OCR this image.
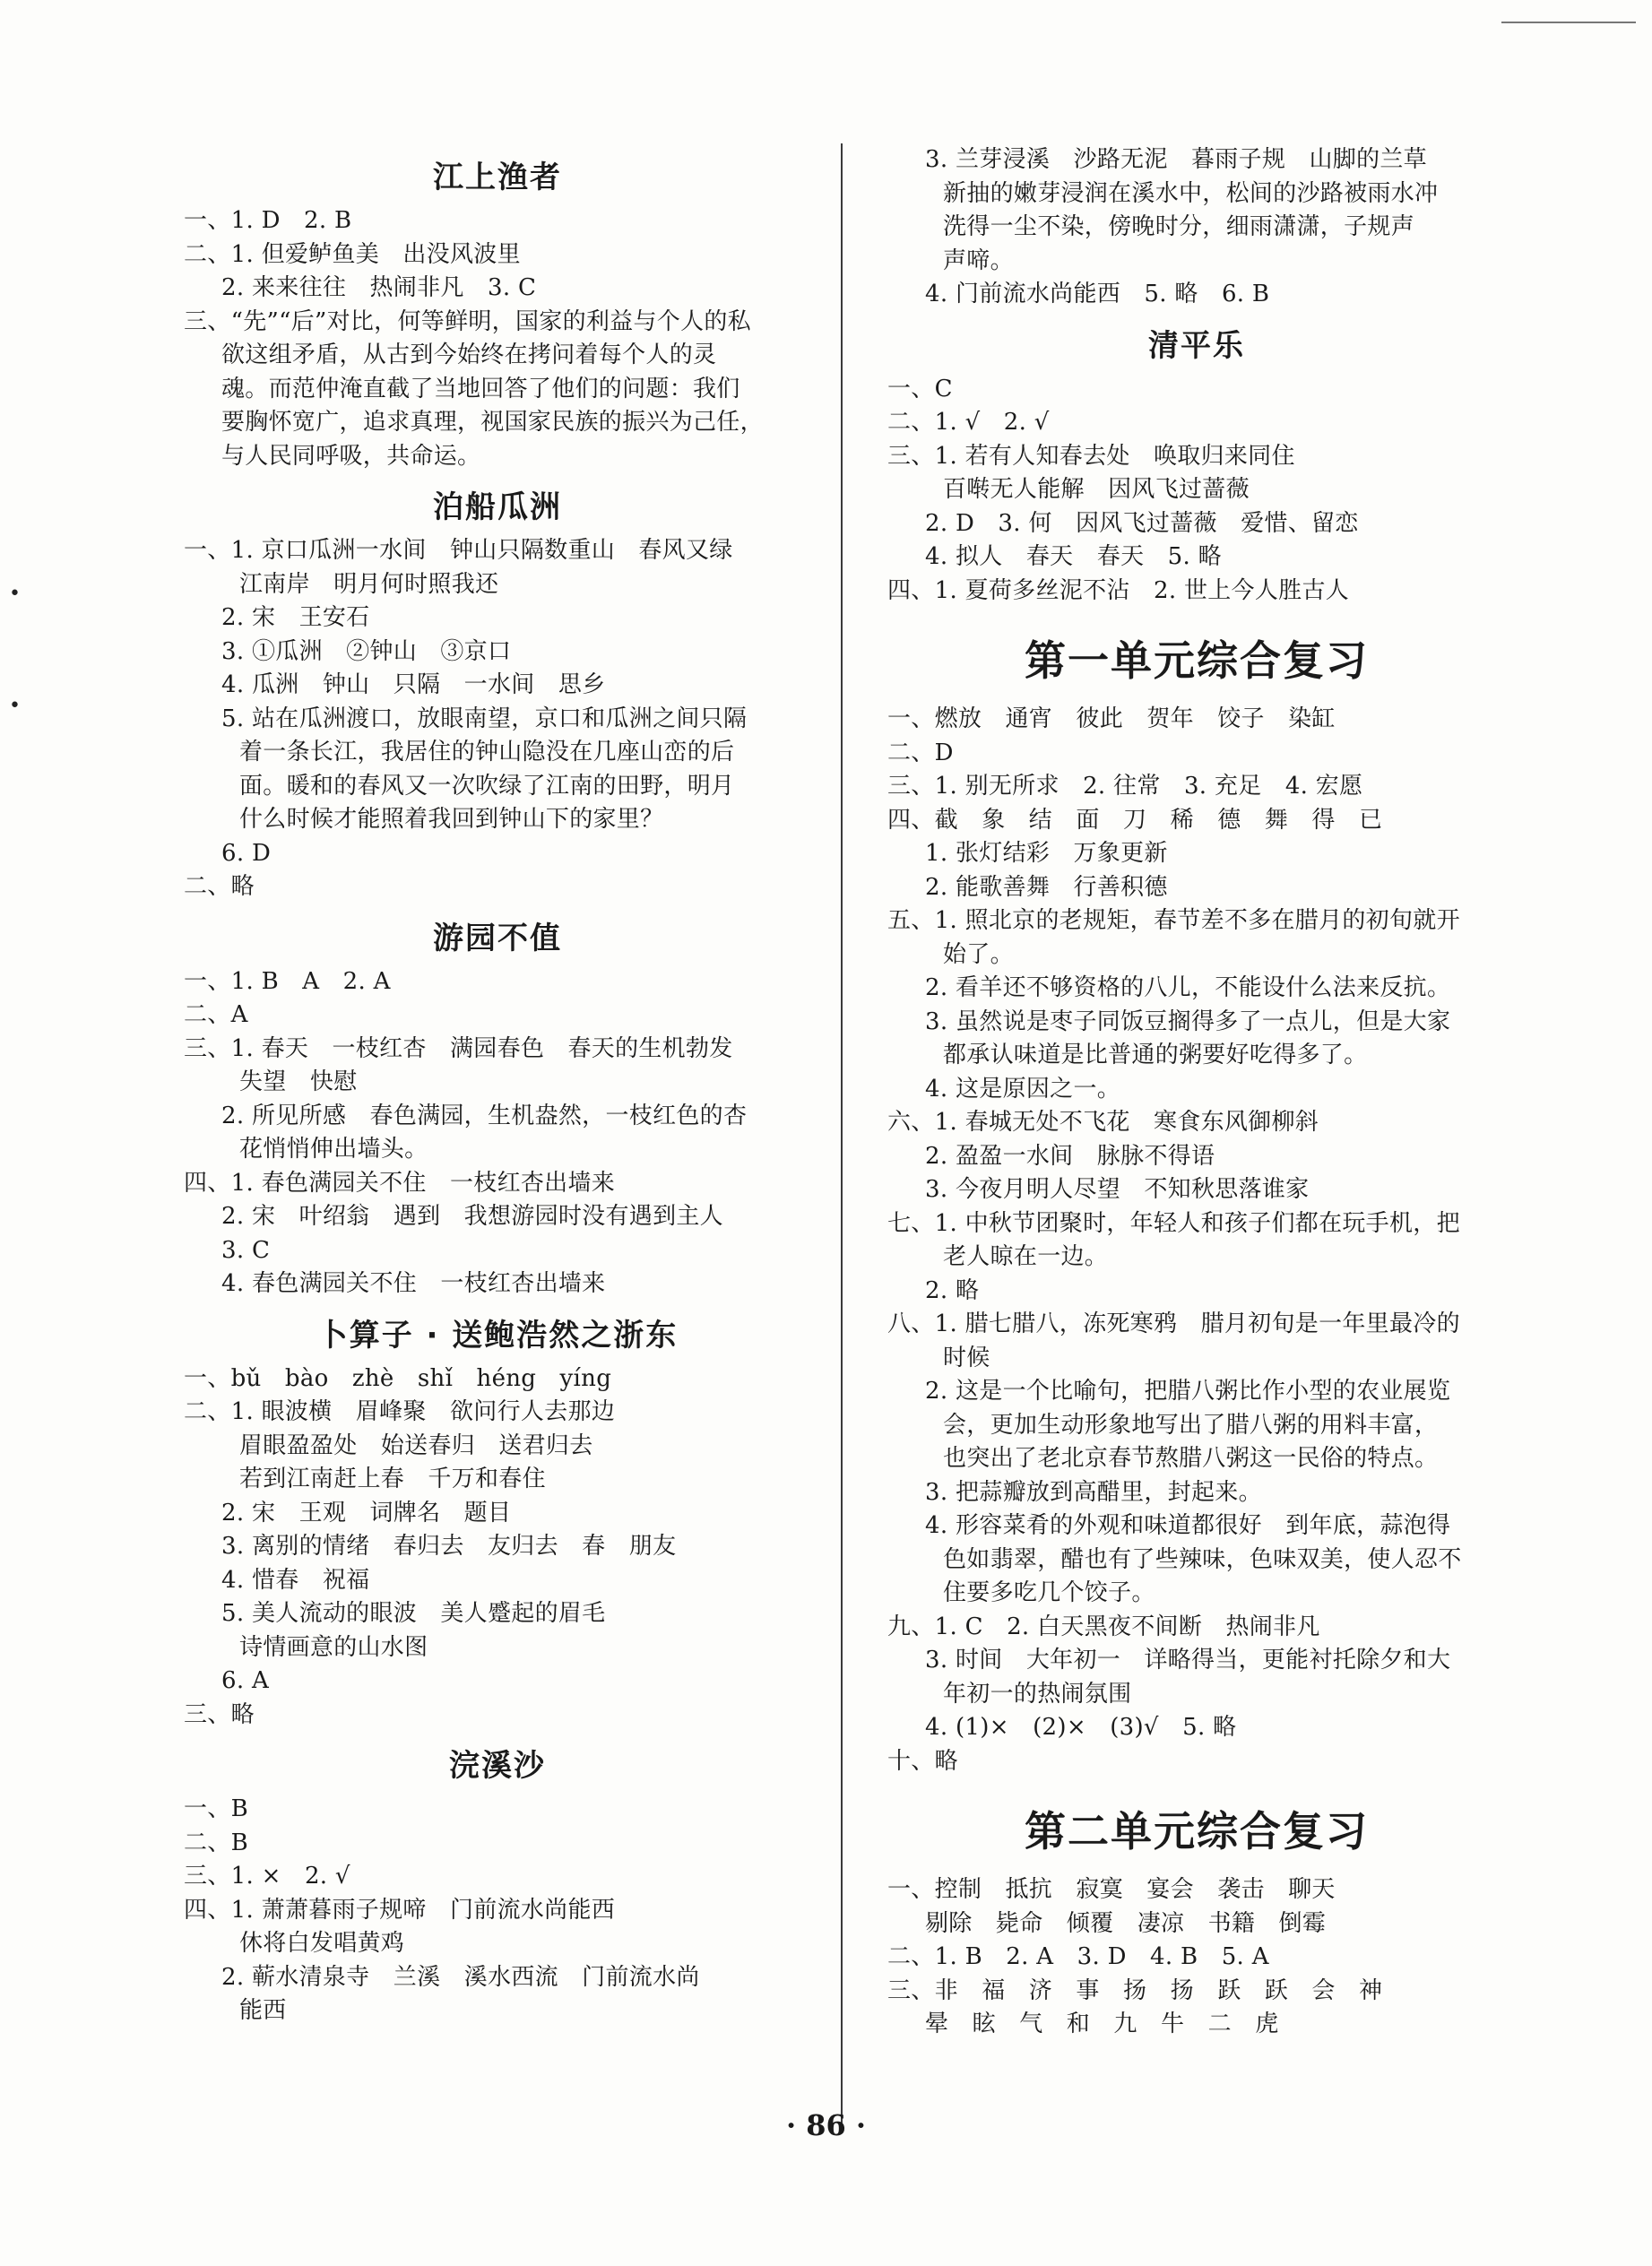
•
•
江上渔者
一、1. D　2. B
二、1. 但爱鲈鱼美　出没风波里
2. 来来往往　热闹非凡　3. C
三、“先”“后”对比，何等鲜明，国家的利益与个人的私
欲这组矛盾，从古到今始终在拷问着每个人的灵
魂。而范仲淹直截了当地回答了他们的问题：我们
要胸怀宽广，追求真理，视国家民族的振兴为己任，
与人民同呼吸，共命运。
泊船瓜洲
一、1. 京口瓜洲一水间　钟山只隔数重山　春风又绿
江南岸　明月何时照我还
2. 宋　王安石
3. ①瓜洲　②钟山　③京口
4. 瓜洲　钟山　只隔　一水间　思乡
5. 站在瓜洲渡口，放眼南望，京口和瓜洲之间只隔
着一条长江，我居住的钟山隐没在几座山峦的后
面。暖和的春风又一次吹绿了江南的田野，明月
什么时候才能照着我回到钟山下的家里？
6. D
二、略
游园不值
一、1. B　A　2. A
二、A
三、1. 春天　一枝红杏　满园春色　春天的生机勃发
失望　快慰
2. 所见所感　春色满园，生机盎然，一枝红色的杏
花悄悄伸出墙头。
四、1. 春色满园关不住　一枝红杏出墙来
2. 宋　叶绍翁　遇到　我想游园时没有遇到主人
3. C
4. 春色满园关不住　一枝红杏出墙来
卜算子 · 送鲍浩然之浙东
一、bǔ　bào　zhè　shǐ　héng　yíng
二、1. 眼波横　眉峰聚　欲问行人去那边
眉眼盈盈处　始送春归　送君归去
若到江南赶上春　千万和春住
2. 宋　王观　词牌名　题目
3. 离别的情绪　春归去　友归去　春　朋友
4. 惜春　祝福
5. 美人流动的眼波　美人蹙起的眉毛
诗情画意的山水图
6. A
三、略
浣溪沙
一、B
二、B
三、1. ×　2. √
四、1. 萧萧暮雨子规啼　门前流水尚能西
休将白发唱黄鸡
2. 蕲水清泉寺　兰溪　溪水西流　门前流水尚
能西
3. 兰芽浸溪　沙路无泥　暮雨子规　山脚的兰草
新抽的嫩芽浸润在溪水中，松间的沙路被雨水冲
洗得一尘不染，傍晚时分，细雨潇潇，子规声
声啼。
4. 门前流水尚能西　5. 略　6. B
清平乐
一、C
二、1. √　2. √
三、1. 若有人知春去处　唤取归来同住
百啭无人能解　因风飞过蔷薇
2. D　3. 何　因风飞过蔷薇　爱惜、留恋
4. 拟人　春天　春天　5. 略
四、1. 夏荷多丝泥不沾　2. 世上今人胜古人
第一单元综合复习
一、燃放　通宵　彼此　贺年　饺子　染缸
二、D
三、1. 别无所求　2. 往常　3. 充足　4. 宏愿
四、截　象　结　面　刀　稀　德　舞　得　已
1. 张灯结彩　万象更新
2. 能歌善舞　行善积德
五、1. 照北京的老规矩，春节差不多在腊月的初旬就开
始了。
2. 看羊还不够资格的八儿，不能设什么法来反抗。
3. 虽然说是枣子同饭豆搁得多了一点儿，但是大家
都承认味道是比普通的粥要好吃得多了。
4. 这是原因之一。
六、1. 春城无处不飞花　寒食东风御柳斜
2. 盈盈一水间　脉脉不得语
3. 今夜月明人尽望　不知秋思落谁家
七、1. 中秋节团聚时，年轻人和孩子们都在玩手机，把
老人晾在一边。
2. 略
八、1. 腊七腊八，冻死寒鸦　腊月初旬是一年里最冷的
时候
2. 这是一个比喻句，把腊八粥比作小型的农业展览
会，更加生动形象地写出了腊八粥的用料丰富，
也突出了老北京春节熬腊八粥这一民俗的特点。
3. 把蒜瓣放到高醋里，封起来。
4. 形容菜肴的外观和味道都很好　到年底，蒜泡得
色如翡翠，醋也有了些辣味，色味双美，使人忍不
住要多吃几个饺子。
九、1. C　2. 白天黑夜不间断　热闹非凡
3. 时间　大年初一　详略得当，更能衬托除夕和大
年初一的热闹氛围
4. (1)×　(2)×　(3)√　5. 略
十、略
第二单元综合复习
一、控制　抵抗　寂寞　宴会　袭击　聊天
剔除　毙命　倾覆　凄凉　书籍　倒霉
二、1. B　2. A　3. D　4. B　5. A
三、非　福　济　事　扬　扬　跃　跃　会　神
晕　眩　气　和　九　牛　二　虎
· 86 ·
